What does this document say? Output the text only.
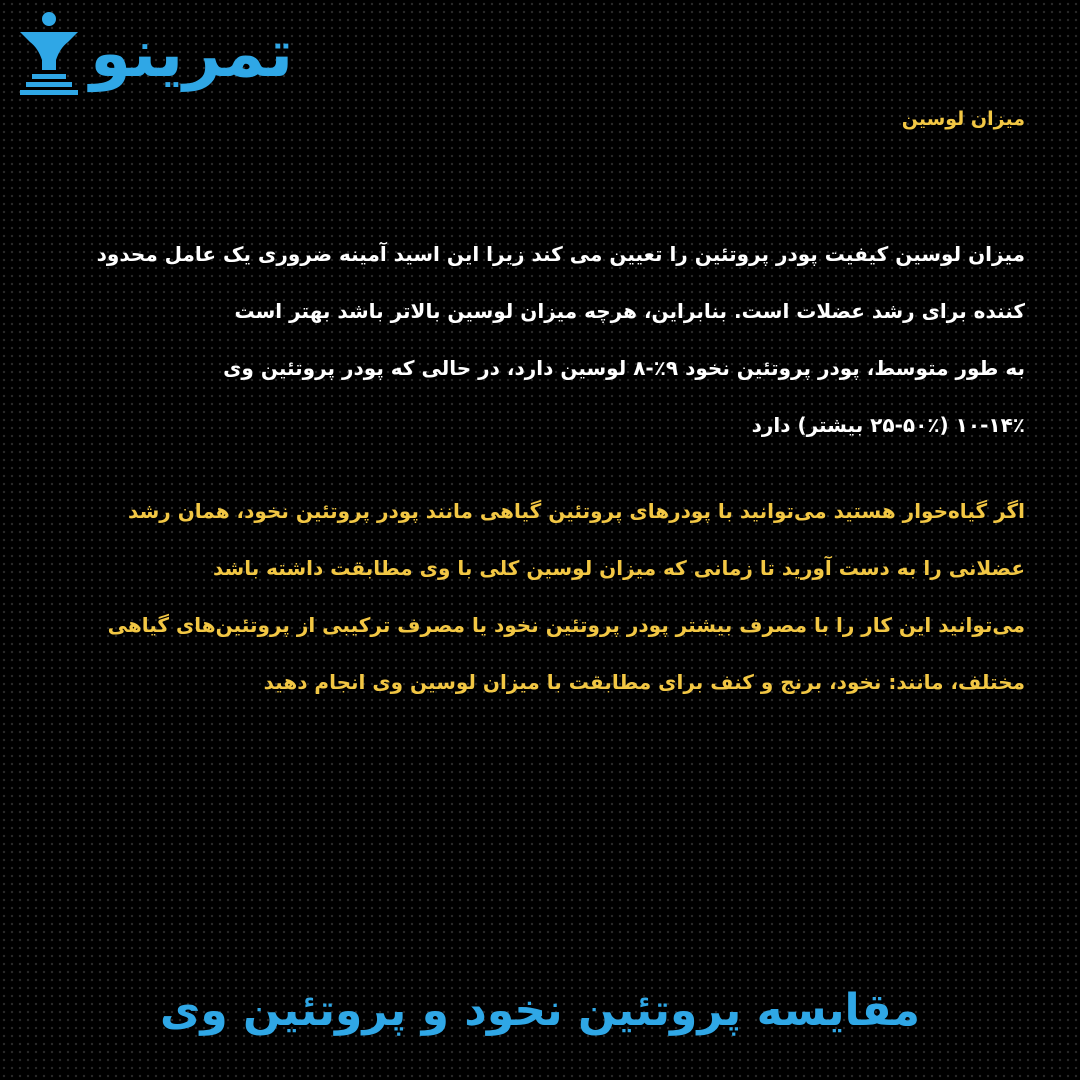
تمرینو

میزان لوسین

میزان لوسین کیفیت پودر پروتئین را تعیین می کند زیرا این اسید آمینه ضروری یک عامل محدود
کننده برای رشد عضلات است. بنابراین، هرچه میزان لوسین بالاتر باشد بهتر است
به طور متوسط، پودر پروتئین نخود ۹٪-۸ لوسین دارد، در حالی که پودر پروتئین وی
۱۴٪-۱۰ (۵۰٪-۲۵ بیشتر) دارد
اگر گیاه‌خوار هستید می‌توانید با پودرهای پروتئین گیاهی مانند پودر پروتئین نخود، همان رشد
عضلانی را به دست آورید تا زمانی که میزان لوسین کلی با وی مطابقت داشته باشد
می‌توانید این کار را با مصرف بیشتر پودر پروتئین نخود یا مصرف ترکیبی از پروتئین‌های گیاهی
مختلف، مانند: نخود، برنج و کنف برای مطابقت با میزان لوسین وی انجام دهید

مقایسه پروتئین نخود و پروتئین وی
